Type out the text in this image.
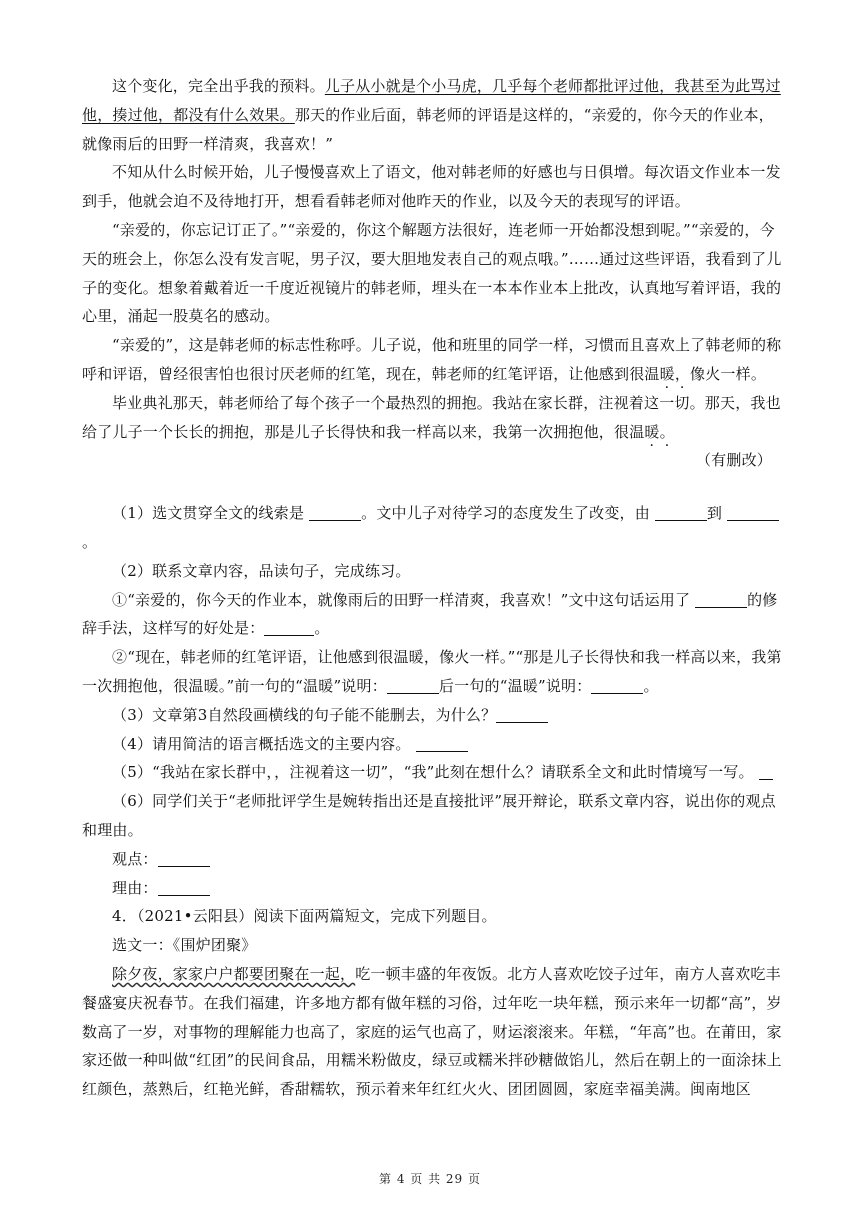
这个变化，完全出乎我的预料。儿子从小就是个小马虎，几乎每个老师都批评过他，我甚至为此骂过他，揍过他，都没有什么效果。那天的作业后面，韩老师的评语是这样的，“亲爱的，你今天的作业本，就像雨后的田野一样清爽，我喜欢！”

不知从什么时候开始，儿子慢慢喜欢上了语文，他对韩老师的好感也与日俱增。每次语文作业本一发到手，他就会迫不及待地打开，想看看韩老师对他昨天的作业，以及今天的表现写的评语。

“亲爱的，你忘记订正了。”“亲爱的，你这个解题方法很好，连老师一开始都没想到呢。”“亲爱的，今天的班会上，你怎么没有发言呢，男子汉，要大胆地发表自己的观点哦。”……通过这些评语，我看到了儿子的变化。想象着戴着近一千度近视镜片的韩老师，埋头在一本本作业本上批改，认真地写着评语，我的心里，涌起一股莫名的感动。

“亲爱的”，这是韩老师的标志性称呼。儿子说，他和班里的同学一样，习惯而且喜欢上了韩老师的称呼和评语，曾经很害怕也很讨厌老师的红笔，现在，韩老师的红笔评语，让他感到很温暖，像火一样。

毕业典礼那天，韩老师给了每个孩子一个最热烈的拥抱。我站在家长群，注视着这一切。那天，我也给了儿子一个长长的拥抱，那是儿子长得快和我一样高以来，我第一次拥抱他，很温暖。

（有删改）

（1）选文贯穿全文的线索是	。文中儿子对待学习的态度发生了改变，由	到 。

（2）联系文章内容，品读句子，完成练习。

①“亲爱的，你今天的作业本，就像雨后的田野一样清爽，我喜欢！”文中这句话运用了	的修辞手法，这样写的好处是：	。

②“现在，韩老师的红笔评语，让他感到很温暖，像火一样。”“那是儿子长得快和我一样高以来，我第一次拥抱他，很温暖。”前一句的“温暖”说明：	后一句的“温暖”说明：	。

（3）文章第3自然段画横线的句子能不能删去，为什么？

（4）请用简洁的语言概括选文的主要内容。

（5）“我站在家长群中，，注视着这一切”，“我”此刻在想什么？请联系全文和此时情境写一写。

（6）同学们关于“老师批评学生是婉转指出还是直接批评”展开辩论，联系文章内容，说出你的观点和理由。

观点：

理由：

4．（2021•云阳县）阅读下面两篇短文，完成下列题目。

选文一：《围炉团聚》

除夕夜，家家户户都要团聚在一起，吃一顿丰盛的年夜饭。北方人喜欢吃饺子过年，南方人喜欢吃丰餐盛宴庆祝春节。在我们福建，许多地方都有做年糕的习俗，过年吃一块年糕，预示来年一切都“高”，岁数高了一岁，对事物的理解能力也高了，家庭的运气也高了，财运滚滚来。年糕，“年高”也。在莆田，家家还做一种叫做“红团”的民间食品，用糯米粉做皮，绿豆或糯米拌砂糖做馅儿，然后在朝上的一面涂抹上红颜色，蒸熟后，红艳光鲜，香甜糯软，预示着来年红红火火、团团圆圆，家庭幸福美满。闽南地区

第 4 页 共 29 页
